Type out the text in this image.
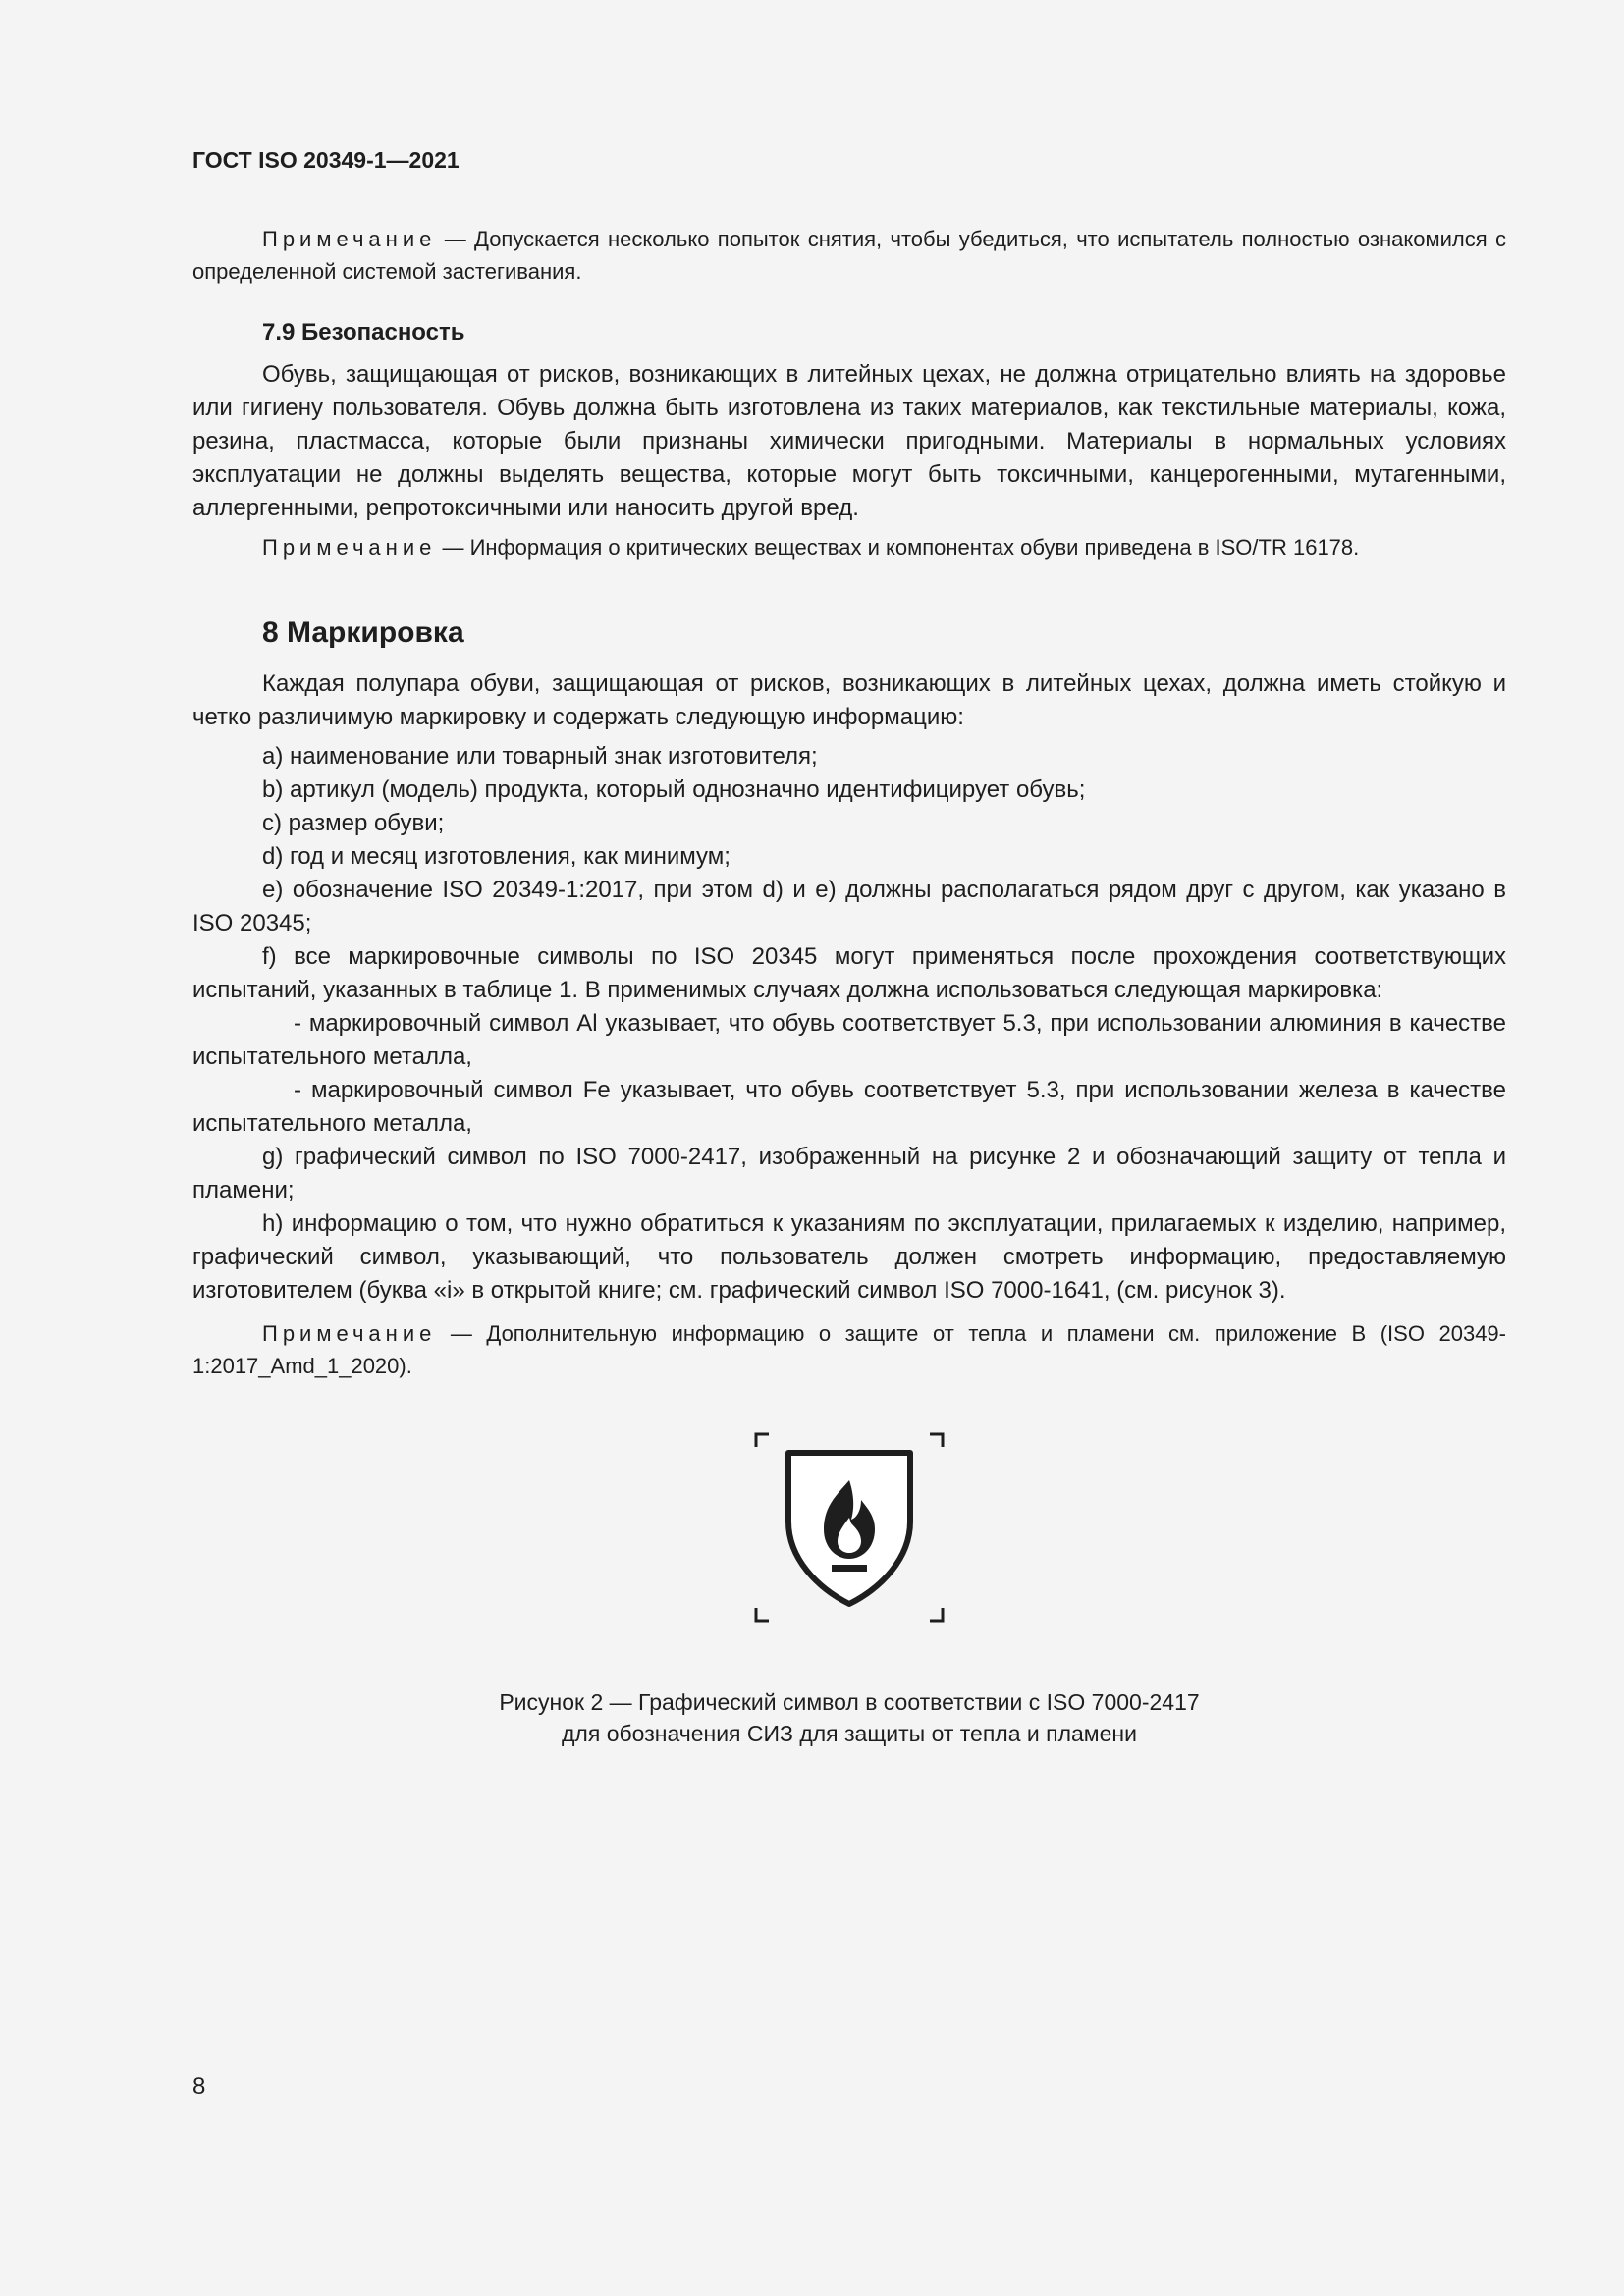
ГОСТ ISO 20349-1—2021

Примечание — Допускается несколько попыток снятия, чтобы убедиться, что испытатель полностью ознакомился с определенной системой застегивания.

7.9 Безопасность

Обувь, защищающая от рисков, возникающих в литейных цехах, не должна отрицательно влиять на здоровье или гигиену пользователя. Обувь должна быть изготовлена из таких материалов, как текстильные материалы, кожа, резина, пластмасса, которые были признаны химически пригодными. Материалы в нормальных условиях эксплуатации не должны выделять вещества, которые могут быть токсичными, канцерогенными, мутагенными, аллергенными, репротоксичными или наносить другой вред.

Примечание — Информация о критических веществах и компонентах обуви приведена в ISO/TR 16178.

8 Маркировка

Каждая полупара обуви, защищающая от рисков, возникающих в литейных цехах, должна иметь стойкую и четко различимую маркировку и содержать следующую информацию:

a) наименование или товарный знак изготовителя;

b) артикул (модель) продукта, который однозначно идентифицирует обувь;

c) размер обуви;

d) год и месяц изготовления, как минимум;

e) обозначение ISO 20349-1:2017, при этом d) и e) должны располагаться рядом друг с другом, как указано в ISO 20345;

f) все маркировочные символы по ISO 20345 могут применяться после прохождения соответствующих испытаний, указанных в таблице 1. В применимых случаях должна использоваться следующая маркировка:

- маркировочный символ Al указывает, что обувь соответствует 5.3, при использовании алюминия в качестве испытательного металла,

- маркировочный символ Fe указывает, что обувь соответствует 5.3, при использовании железа в качестве испытательного металла,

g) графический символ по ISO 7000-2417, изображенный на рисунке 2 и обозначающий защиту от тепла и пламени;

h) информацию о том, что нужно обратиться к указаниям по эксплуатации, прилагаемых к изделию, например, графический символ, указывающий, что пользователь должен смотреть информацию, предоставляемую изготовителем (буква «i» в открытой книге; см. графический символ ISO 7000-1641, (см. рисунок 3).

Примечание — Дополнительную информацию о защите от тепла и пламени см. приложение B (ISO 20349-1:2017_Amd_1_2020).

Рисунок 2 — Графический символ в соответствии с ISO 7000-2417
для обозначения СИЗ для защиты от тепла и пламени
8
